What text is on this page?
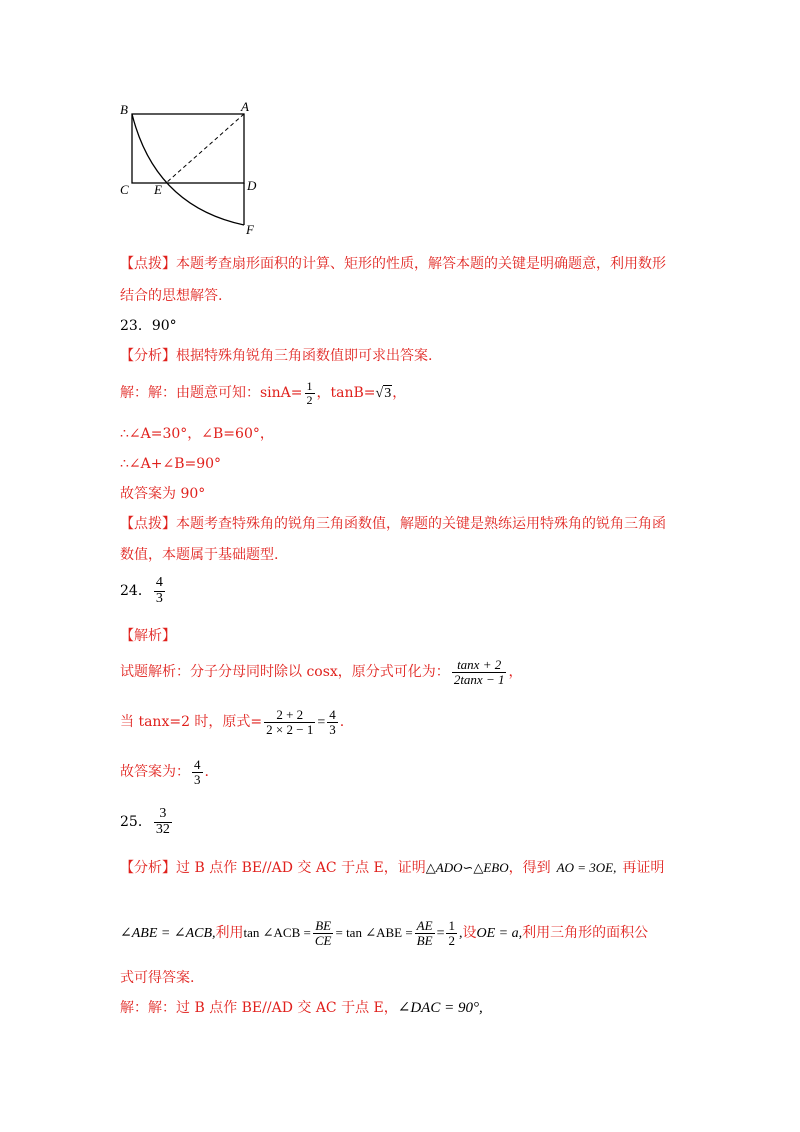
B	A
C E	D
F
【点拨】本题考查扇形面积的计算、矩形的性质，解答本题的关键是明确题意，利用数形
结合的思想解答.
23．90°
【分析】根据特殊角锐角三角函数值即可求出答案.
解：解：由题意可知：$\sin A= \frac{1}{2}$ ，tanB=√3，
∴∠A=30°，∠B=60°，
∴∠A+∠B=90°
故答案为 90°
【点拨】本题考查特殊角的锐角三角函数值，解题的关键是熟练运用特殊角的锐角三角函
数值，本题属于基础题型.
24． $\frac{4}{3}$
【解析】
试题解析：分子分母同时除以 cosx，原分式可化为： $\frac{\tan x + 2}{2\tan x - 1}$ ，
当 tanx=2 时，原式= $\frac{2 + 2}{2 \times 2 - 1} = \frac{4}{3}$ .
故答案为： $\frac{4}{3}$ .
25． $\frac{3}{32}$
【分析】过 B 点作 BE//AD 交 AC 于点 E，证明△ADO∽△EBO，得到 AO = 3OE, 再证明
∠ABE = ∠ACB,利用tan ∠ACB = $\frac{BE}{CE} = \tan$ ∠ABE = $\frac{AE}{BE} = \frac{1}{2}$ ,设OE = a,利用三角形的面积公
式可得答案.
解：解：过 B 点作 BE//AD 交 AC 于点 E，∠DAC = 90°,
